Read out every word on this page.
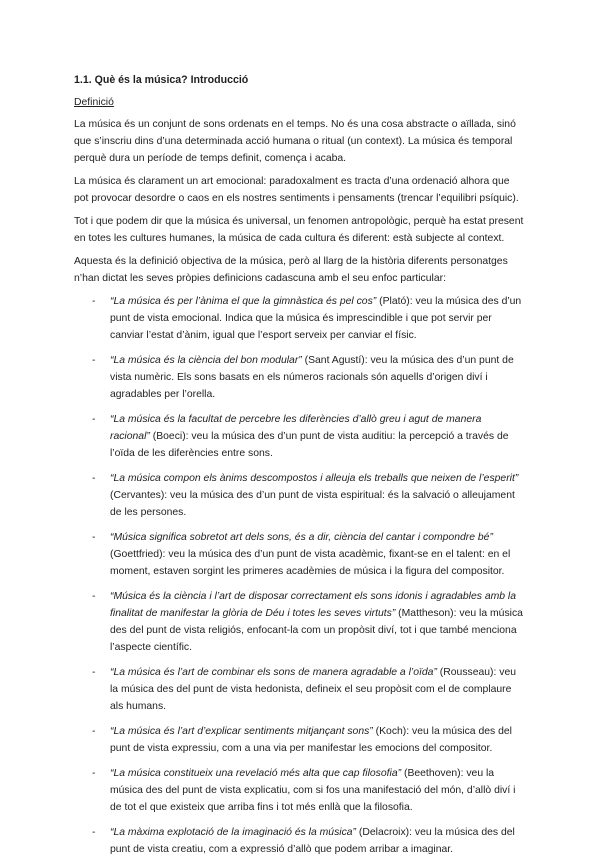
1.1. Què és la música? Introducció
Definició

La música és un conjunt de sons ordenats en el temps. No és una cosa abstracte o aïllada, sinó que s’inscriu dins d’una determinada acció humana o ritual (un context). La música és temporal perquè dura un període de temps definit, comença i acaba.

La música és clarament un art emocional: paradoxalment es tracta d’una ordenació alhora que pot provocar desordre o caos en els nostres sentiments i pensaments (trencar l’equilibri psíquic).

Tot i que podem dir que la música és universal, un fenomen antropològic, perquè ha estat present en totes les cultures humanes, la música de cada cultura és diferent: està subjecte al context.

Aquesta és la definició objectiva de la música, però al llarg de la història diferents personatges n’han dictat les seves pròpies definicions cadascuna amb el seu enfoc particular:

- “La música és per l’ànima el que la gimnàstica és pel cos” (Plató): veu la música des d’un punt de vista emocional. Indica que la música és imprescindible i que pot servir per canviar l’estat d’ànim, igual que l’esport serveix per canviar el físic.
- “La música és la ciència del bon modular” (Sant Agustí): veu la música des d’un punt de vista numèric. Els sons basats en els números racionals són aquells d’origen diví i agradables per l’orella.
- “La música és la facultat de percebre les diferències d’allò greu i agut de manera racional” (Boeci): veu la música des d’un punt de vista auditiu: la percepció a través de l’oïda de les diferències entre sons.
- “La música compon els ànims descompostos i alleuja els treballs que neixen de l’esperit” (Cervantes): veu la música des d’un punt de vista espiritual: és la salvació o alleujament de les persones.
- “Música significa sobretot art dels sons, és a dir, ciència del cantar i compondre bé” (Goettfried): veu la música des d’un punt de vista acadèmic, fixant-se en el talent: en el moment, estaven sorgint les primeres acadèmies de música i la figura del compositor.
- “Música és la ciència i l’art de disposar correctament els sons idonis i agradables amb la finalitat de manifestar la glòria de Déu i totes les seves virtuts” (Mattheson): veu la música des del punt de vista religiós, enfocant-la com un propòsit diví, tot i que també menciona l’aspecte científic.
- “La música és l’art de combinar els sons de manera agradable a l’oïda” (Rousseau): veu la música des del punt de vista hedonista, defineix el seu propòsit com el de complaure als humans.
- “La música és l’art d’explicar sentiments mitjançant sons” (Koch): veu la música des del punt de vista expressiu, com a una via per manifestar les emocions del compositor.
- “La música constitueix una revelació més alta que cap filosofia” (Beethoven): veu la música des del punt de vista explicatiu, com si fos una manifestació del món, d’allò diví i de tot el que existeix que arriba fins i tot més enllà que la filosofia.
- “La màxima explotació de la imaginació és la música” (Delacroix): veu la música des del punt de vista creatiu, com a expressió d’allò que podem arribar a imaginar.
